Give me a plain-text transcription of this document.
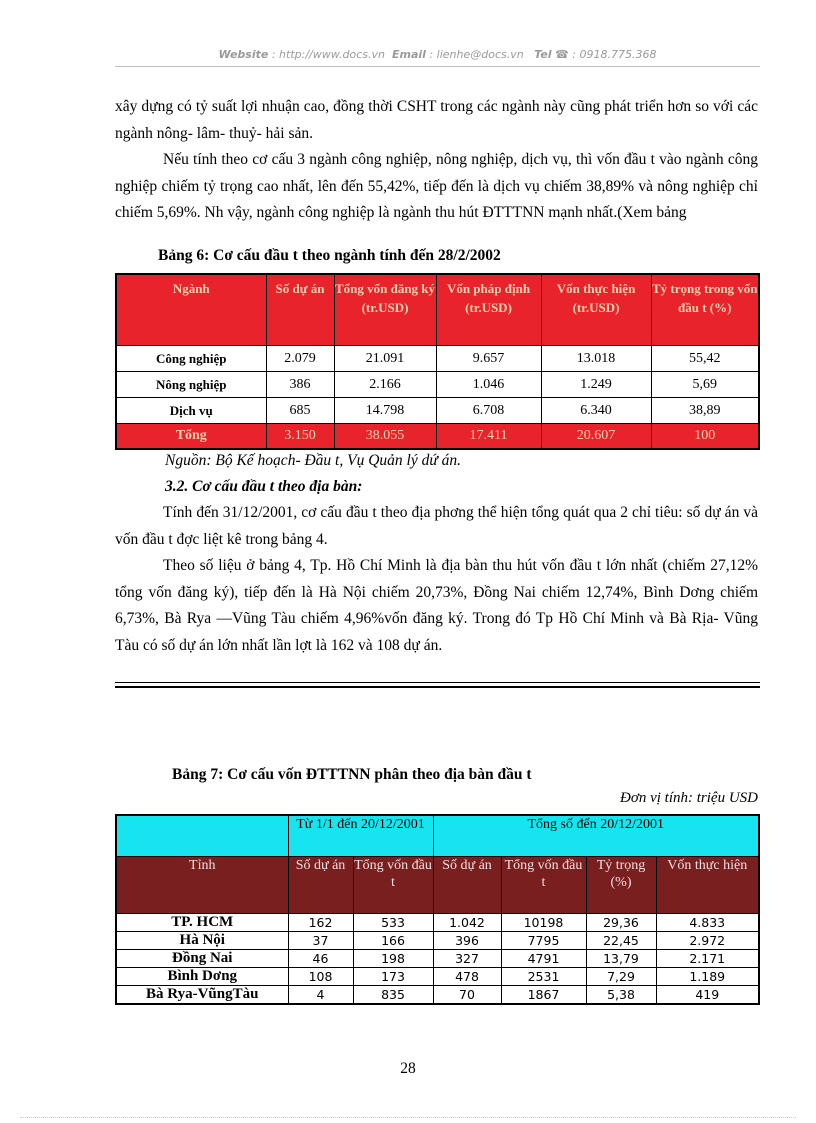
Website : http://www.docs.vn Email : lienhe@docs.vn Tel ☎ : 0918.775.368
xây dựng có tỷ suất lợi nhuận cao, đồng thời CSHT trong các ngành này cũng phát triển hơn so với các ngành nông- lâm- thuỷ- hải sản.
Nếu tính theo cơ cấu 3 ngành công nghiệp, nông nghiệp, dịch vụ, thì vốn đầu t vào ngành công nghiệp chiếm tỷ trọng cao nhất, lên đến 55,42%, tiếp đến là dịch vụ chiếm 38,89% và nông nghiệp chỉ chiếm 5,69%. Nh vậy, ngành công nghiệp là ngành thu hút ĐTTTNN mạnh nhất.(Xem bảng
Bảng 6: Cơ cấu đầu t theo ngành tính đến 28/2/2002
Ngành	Số dự án	Tổng vốn đăng ký (tr.USD)	Vốn pháp định (tr.USD)	Vốn thực hiện (tr.USD)	Tỷ trọng trong vốn đầu t (%)
Công nghiệp	2.079	21.091	9.657	13.018	55,42
Nông nghiệp	386	2.166	1.046	1.249	5,69
Dịch vụ	685	14.798	6.708	6.340	38,89
Tổng	3.150	38.055	17.411	20.607	100
Nguồn: Bộ Kế hoạch- Đầu t, Vụ Quản lý dứ án.
3.2. Cơ cấu đầu t theo địa bàn:
Tính đến 31/12/2001, cơ cấu đầu t theo địa phơng thể hiện tổng quát qua 2 chỉ tiêu: số dự án và vốn đầu t đợc liệt kê trong bảng 4.
Theo số liệu ở bảng 4, Tp. Hồ Chí Minh là địa bàn thu hút vốn đầu t lớn nhất (chiếm 27,12% tổng vốn đăng ký), tiếp đến là Hà Nội chiếm 20,73%, Đồng Nai chiếm 12,74%, Bình Dơng chiếm 6,73%, Bà Rya —Vũng Tàu chiếm 4,96%vốn đăng ký. Trong đó Tp Hồ Chí Minh và Bà Rịa- Vũng Tàu có số dự án lớn nhất lần lợt là 162 và 108 dự án.
Bảng 7: Cơ cấu vốn ĐTTTNN phân theo địa bàn đầu t
Đơn vị tính: triệu USD
	Từ 1/1 đến 20/12/2001		Tổng số đến 20/12/2001			
Tỉnh	Số dự án	Tổng vốn đầu t	Số dự án	Tổng vốn đầu t	Tỷ trọng (%)	Vốn thực hiện
TP. HCM	162	533	1.042	10198	29,36	4.833
Hà Nội	37	166	396	7795	22,45	2.972
Đồng Nai	46	198	327	4791	13,79	2.171
Bình Dơng	108	173	478	2531	7,29	1.189
Bà Rya-VũngTàu	4	835	70	1867	5,38	419
28
